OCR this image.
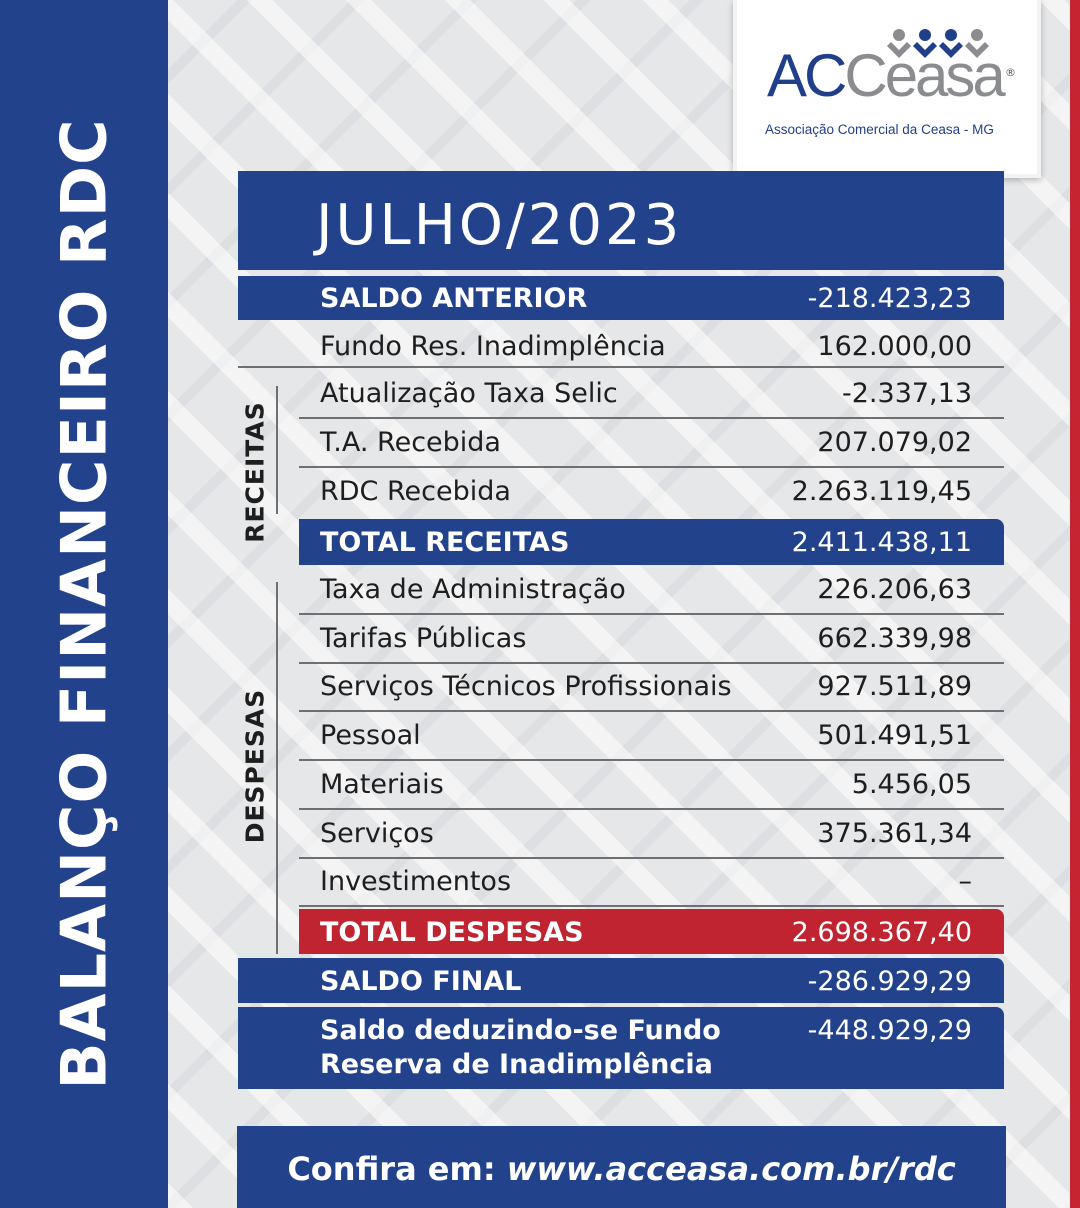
BALANÇO FINANCEIRO RDC
ACCeasa ®
Associação Comercial da Ceasa - MG
JULHO/2023
SALDO ANTERIOR	-218.423,23
Fundo Res. Inadimplência	162.000,00
RECEITAS
Atualização Taxa Selic	-2.337,13
T.A. Recebida	207.079,02
RDC Recebida	2.263.119,45
TOTAL RECEITAS	2.411.438,11
DESPESAS
Taxa de Administração	226.206,63
Tarifas Públicas	662.339,98
Serviços Técnicos Profissionais	927.511,89
Pessoal	501.491,51
Materiais	5.456,05
Serviços	375.361,34
Investimentos	–
TOTAL DESPESAS	2.698.367,40
SALDO FINAL	-286.929,29
Saldo deduzindo-se Fundo
Reserva de Inadimplência
-448.929,29
Confira em: www.acceasa.com.br/rdc
